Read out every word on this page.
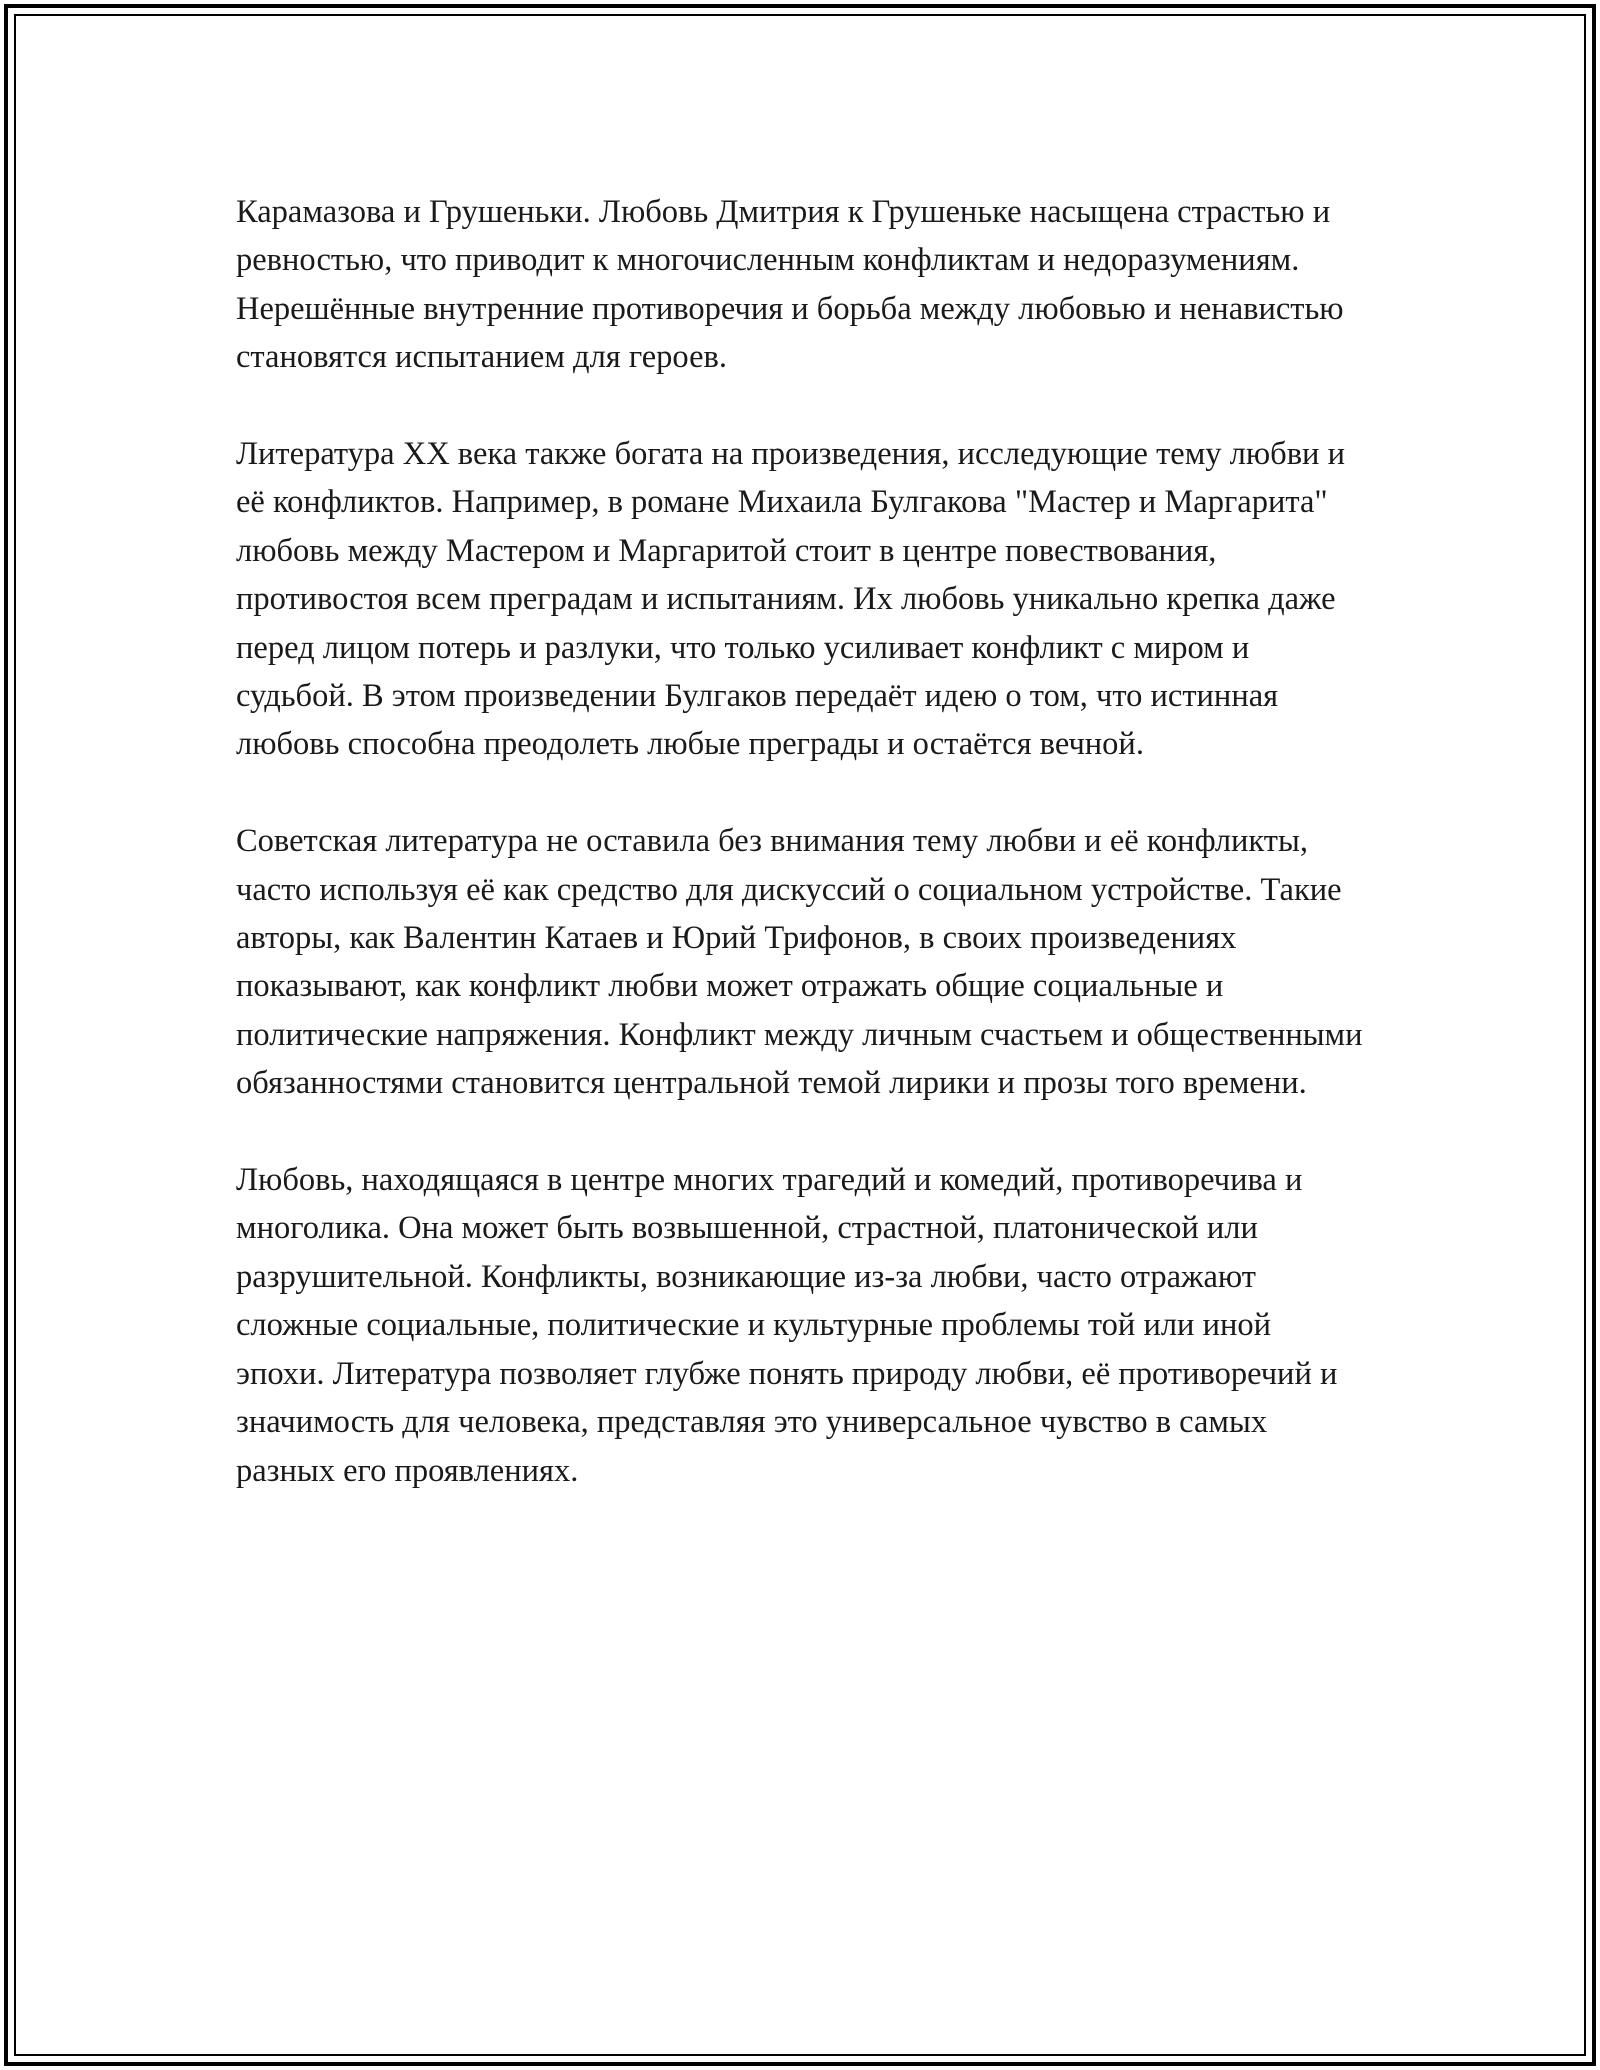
Карамазова и Грушеньки. Любовь Дмитрия к Грушеньке насыщена страстью и ревностью, что приводит к многочисленным конфликтам и недоразумениям. Нерешённые внутренние противоречия и борьба между любовью и ненавистью становятся испытанием для героев.

Литература XX века также богата на произведения, исследующие тему любви и её конфликтов. Например, в романе Михаила Булгакова "Мастер и Маргарита" любовь между Мастером и Маргаритой стоит в центре повествования, противостоя всем преградам и испытаниям. Их любовь уникально крепка даже перед лицом потерь и разлуки, что только усиливает конфликт с миром и судьбой. В этом произведении Булгаков передаёт идею о том, что истинная любовь способна преодолеть любые преграды и остаётся вечной.

Советская литература не оставила без внимания тему любви и её конфликты, часто используя её как средство для дискуссий о социальном устройстве. Такие авторы, как Валентин Катаев и Юрий Трифонов, в своих произведениях показывают, как конфликт любви может отражать общие социальные и политические напряжения. Конфликт между личным счастьем и общественными обязанностями становится центральной темой лирики и прозы того времени.

Любовь, находящаяся в центре многих трагедий и комедий, противоречива и многолика. Она может быть возвышенной, страстной, платонической или разрушительной. Конфликты, возникающие из-за любви, часто отражают сложные социальные, политические и культурные проблемы той или иной эпохи. Литература позволяет глубже понять природу любви, её противоречий и значимость для человека, представляя это универсальное чувство в самых разных его проявлениях.
